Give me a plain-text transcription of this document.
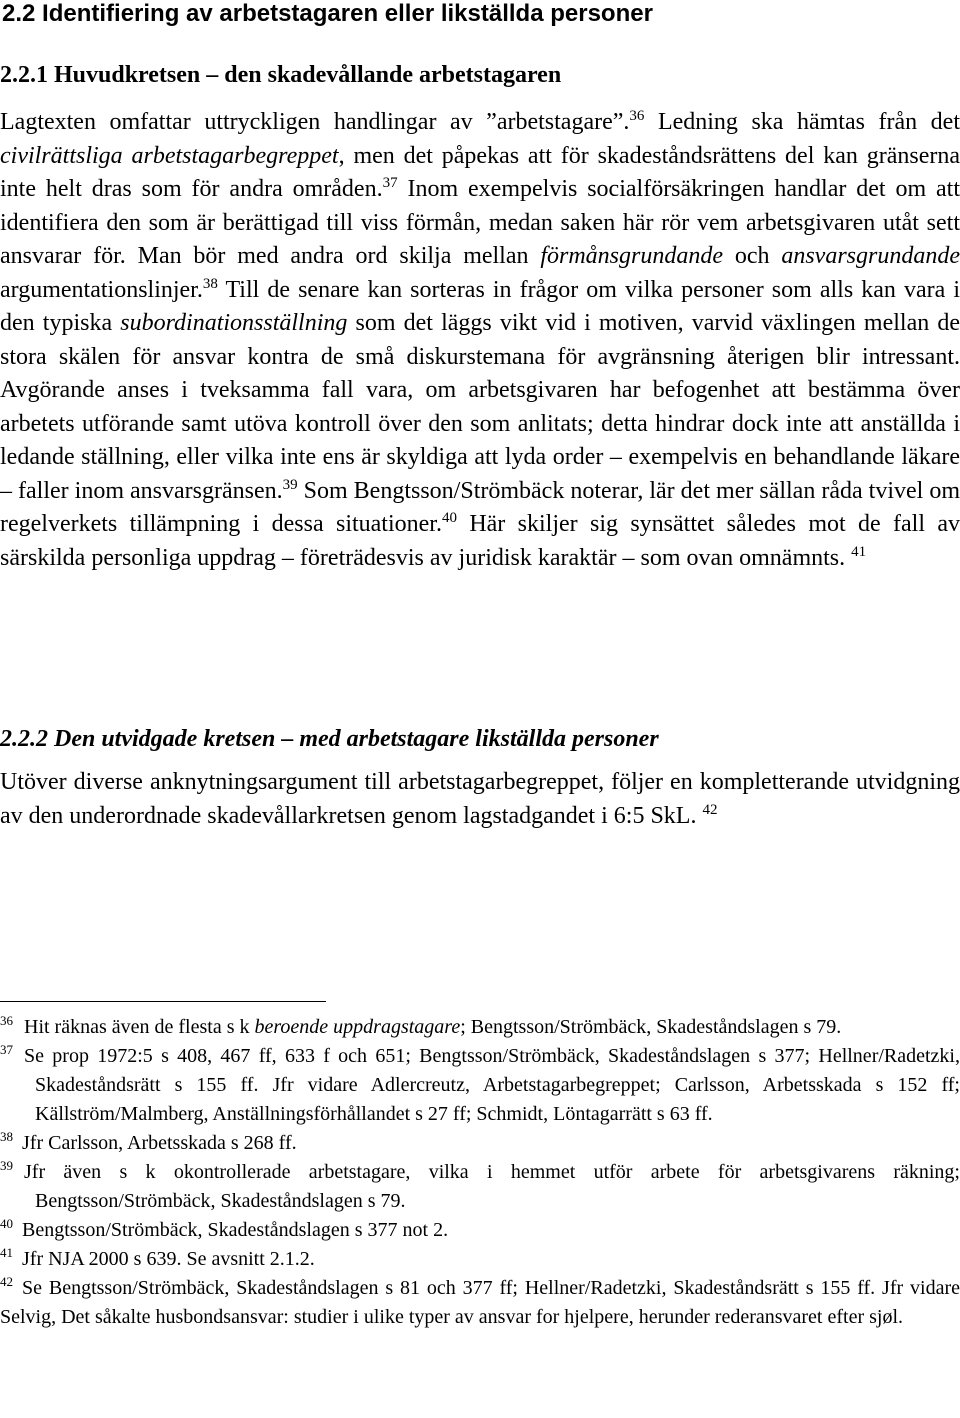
2.2 Identifiering av arbetstagaren eller likställda personer
2.2.1 Huvudkretsen – den skadevållande arbetstagaren

Lagtexten omfattar uttryckligen handlingar av ”arbetstagare”.$^{36}$ Ledning ska hämtas från det civilrättsliga arbetstagarbegreppet, men det påpekas att för skadeståndsrättens del kan gränserna inte helt dras som för andra områden.$^{37}$ Inom exempelvis socialförsäkringen handlar det om att identifiera den som är berättigad till viss förmån, medan saken här rör vem arbetsgivaren utåt sett ansvarar för. Man bör med andra ord skilja mellan förmånsgrundande och ansvarsgrundande argumentationslinjer.$^{38}$ Till de senare kan sorteras in frågor om vilka personer som alls kan vara i den typiska subordinationsställning som det läggs vikt vid i motiven, varvid växlingen mellan de stora skälen för ansvar kontra de små diskurstemana för avgränsning återigen blir intressant. Avgörande anses i tveksamma fall vara, om arbetsgivaren har befogenhet att bestämma över arbetets utförande samt utöva kontroll över den som anlitats; detta hindrar dock inte att anställda i ledande ställning, eller vilka inte ens är skyldiga att lyda order – exempelvis en behandlande läkare – faller inom ansvarsgränsen.$^{39}$ Som Bengtsson/Strömbäck noterar, lär det mer sällan råda tvivel om regelverkets tillämpning i dessa situationer.$^{40}$ Här skiljer sig synsättet således mot de fall av särskilda personliga uppdrag – företrädesvis av juridisk karaktär – som ovan omnämnts. $^{41}$

2.2.2 Den utvidgade kretsen – med arbetstagare likställda personer

Utöver diverse anknytningsargument till arbetstagarbegreppet, följer en kompletterande utvidgning av den underordnade skadevållarkretsen genom lagstadgandet i 6:5 SkL. $^{42}$

36 Hit räknas även de flesta s k beroende uppdragstagare; Bengtsson/Strömbäck, Skadeståndslagen s 79.

37 Se prop 1972:5 s 408, 467 ff, 633 f och 651; Bengtsson/Strömbäck, Skadeståndslagen s 377; Hellner/Radetzki, Skadeståndsrätt s 155 ff. Jfr vidare Adlercreutz, Arbetstagarbegreppet; Carlsson, Arbetsskada s 152 ff; Källström/Malmberg, Anställningsförhållandet s 27 ff; Schmidt, Löntagarrätt s 63 ff.

38 Jfr Carlsson, Arbetsskada s 268 ff.

39 Jfr även s k okontrollerade arbetstagare, vilka i hemmet utför arbete för arbetsgivarens räkning; Bengtsson/Strömbäck, Skadeståndslagen s 79.

40 Bengtsson/Strömbäck, Skadeståndslagen s 377 not 2.

41 Jfr NJA 2000 s 639. Se avsnitt 2.1.2.

42 Se Bengtsson/Strömbäck, Skadeståndslagen s 81 och 377 ff; Hellner/Radetzki, Skadeståndsrätt s 155 ff. Jfr vidare Selvig, Det såkalte husbondsansvar: studier i ulike typer av ansvar for hjelpere, herunder rederansvaret efter sjøl.
